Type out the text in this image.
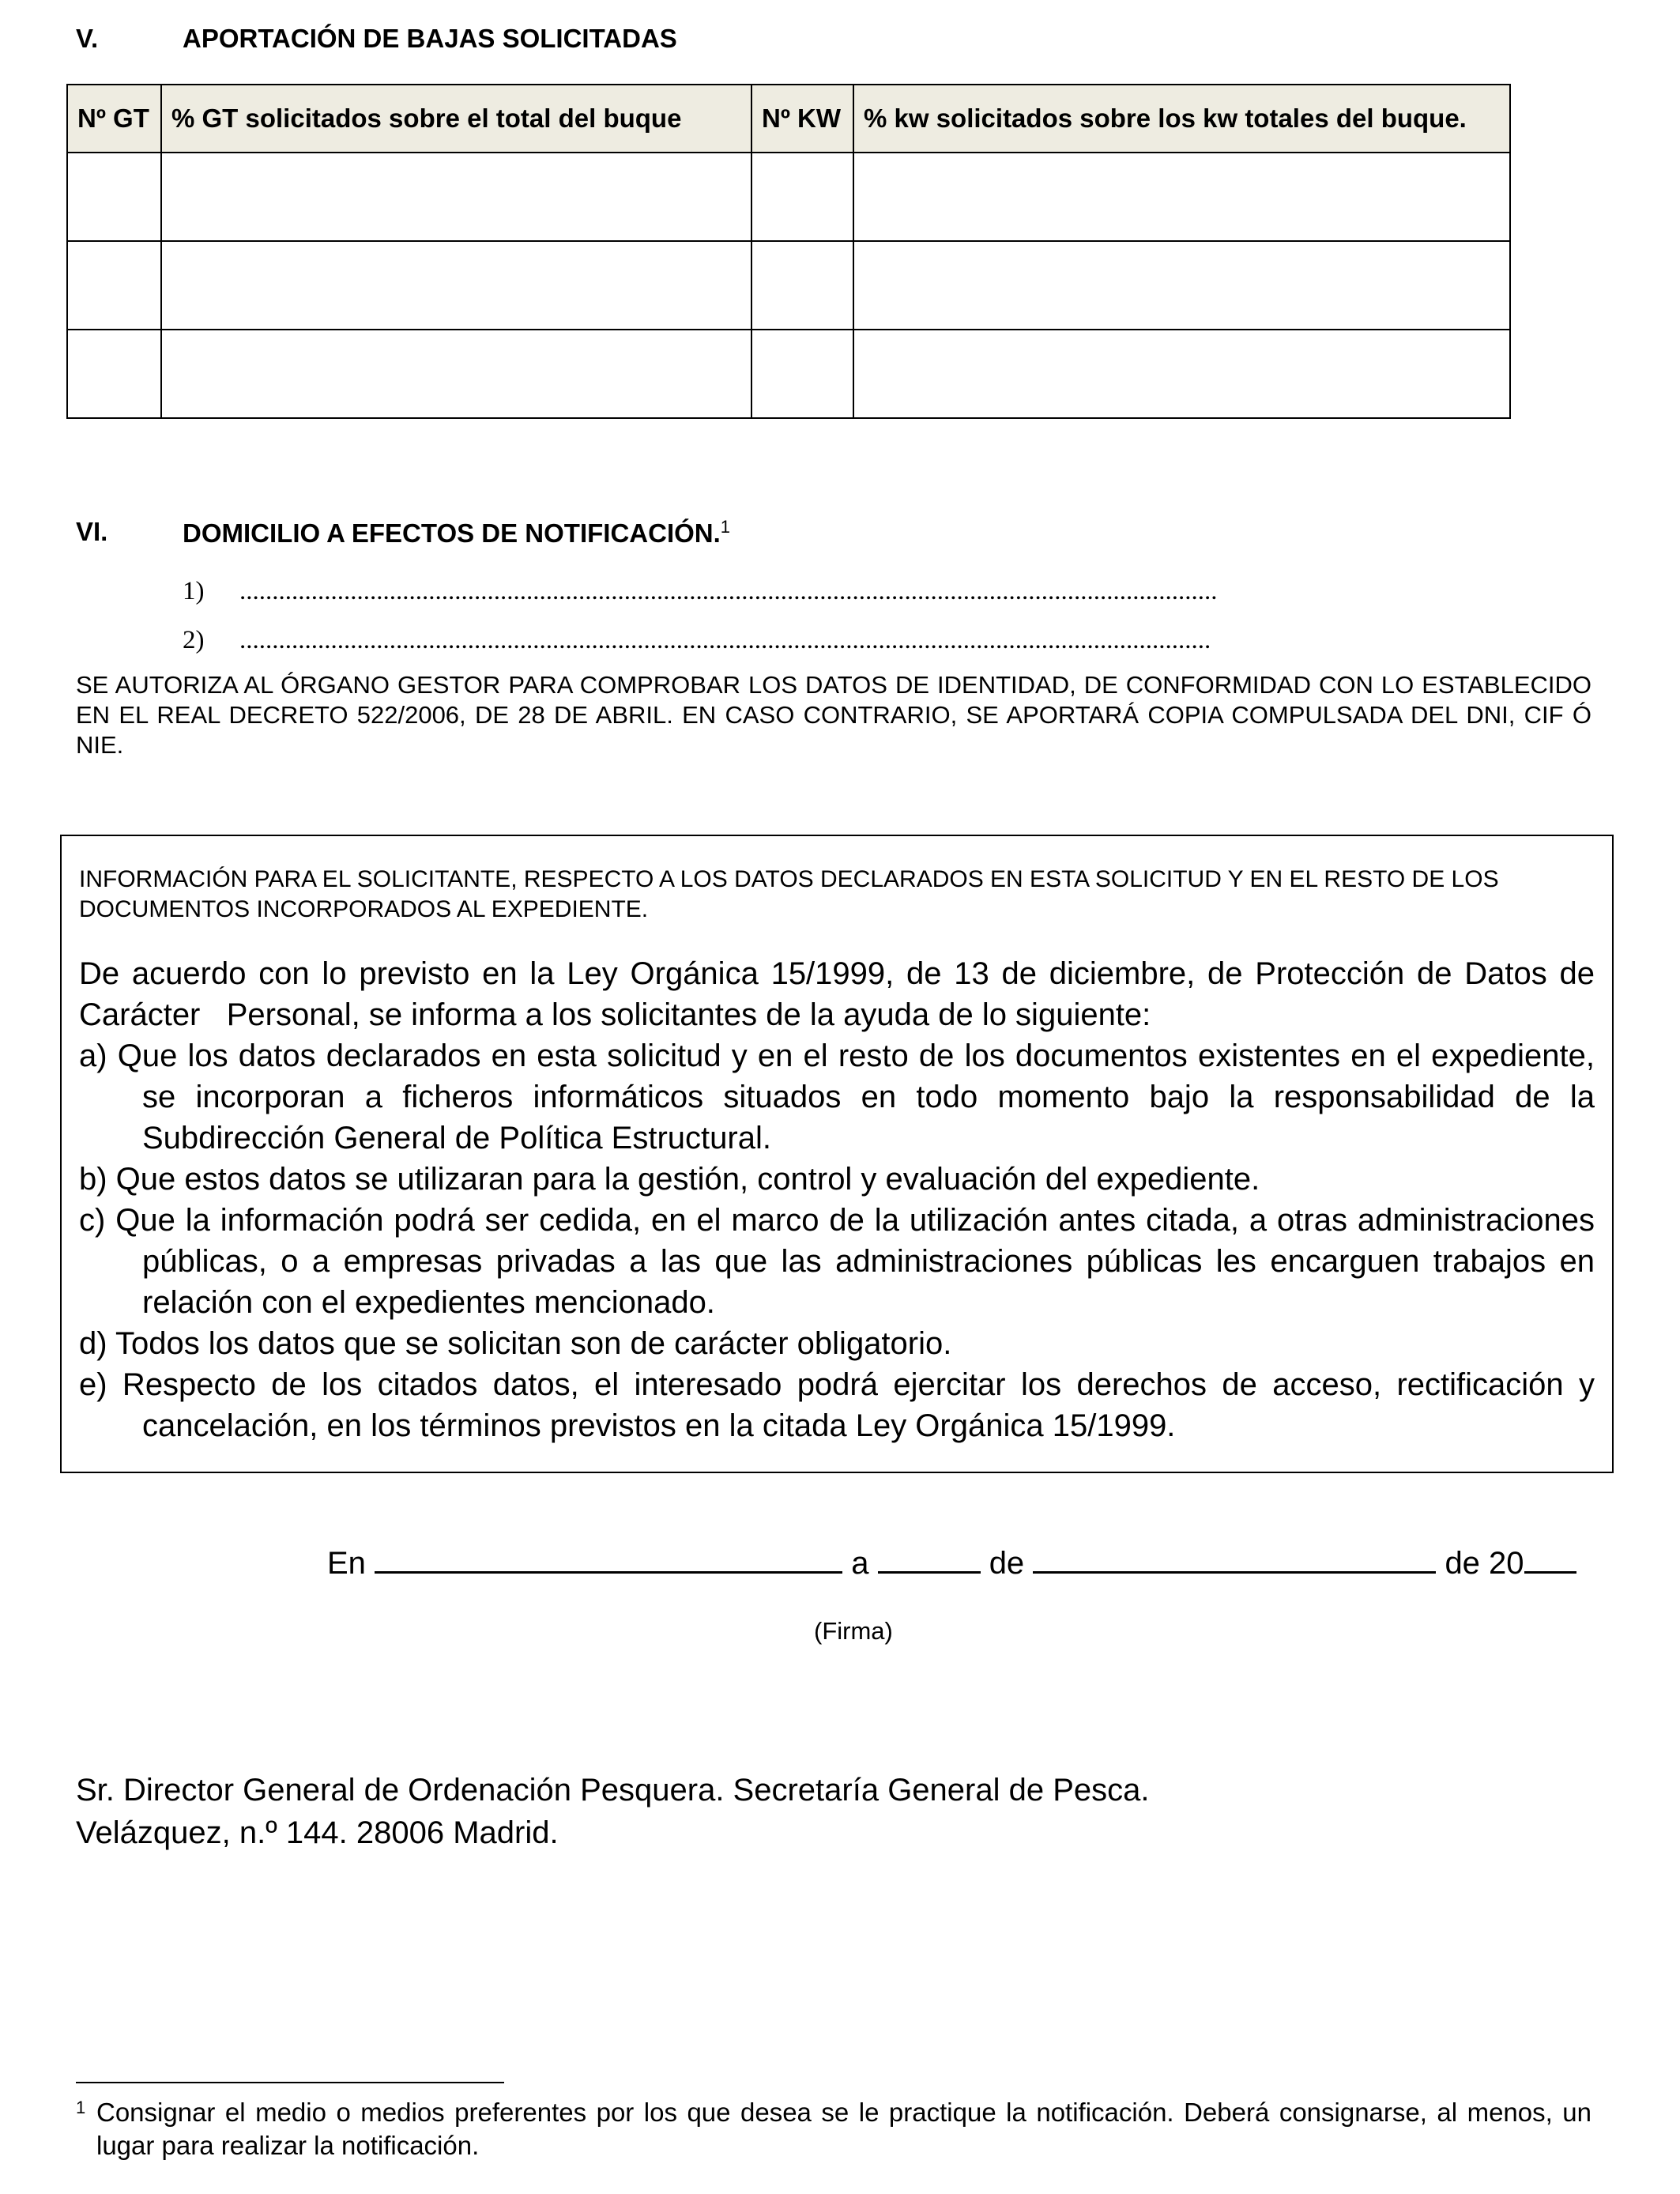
V.	APORTACIÓN DE BAJAS SOLICITADAS
Nº GT	% GT solicitados sobre el total del buque	Nº KW	% kw solicitados sobre los kw totales del buque.

VI.	DOMICILIO A EFECTOS DE NOTIFICACIÓN.$^1$
1) ......................................................................................................................................................
2) .....................................................................................................................................................
SE AUTORIZA AL ÓRGANO GESTOR PARA COMPROBAR LOS DATOS DE IDENTIDAD, DE CONFORMIDAD CON LO ESTABLECIDO EN EL REAL DECRETO 522/2006, DE 28 DE ABRIL. EN CASO CONTRARIO, SE APORTARÁ COPIA COMPULSADA DEL DNI, CIF Ó NIE.
INFORMACIÓN PARA EL SOLICITANTE, RESPECTO A LOS DATOS DECLARADOS EN ESTA SOLICITUD Y EN EL RESTO DE LOS DOCUMENTOS INCORPORADOS AL EXPEDIENTE.

De acuerdo con lo previsto en la Ley Orgánica 15/1999, de 13 de diciembre, de Protección de Datos de Carácter   Personal, se informa a los solicitantes de la ayuda de lo siguiente:

a) Que los datos declarados en esta solicitud y en el resto de los documentos existentes en el expediente, se incorporan a ficheros informáticos situados en todo momento bajo la responsabilidad de la Subdirección General de Política Estructural.

b) Que estos datos se utilizaran para la gestión, control y evaluación del expediente.

c) Que la información podrá ser cedida, en el marco de la utilización antes citada, a otras administraciones públicas, o a empresas privadas a las que las administraciones públicas les encarguen trabajos en relación con el expedientes mencionado.

d) Todos los datos que se solicitan son de carácter obligatorio.

e) Respecto de los citados datos, el interesado podrá ejercitar los derechos de acceso, rectificación y cancelación, en los términos previstos en la citada Ley Orgánica 15/1999.

En	a	de	de 20
(Firma)
Sr. Director General de Ordenación Pesquera. Secretaría General de Pesca.
Velázquez, n.º 144. 28006 Madrid.
1 Consignar el medio o medios preferentes por los que desea se le practique la notificación. Deberá consignarse, al menos, un lugar para realizar la notificación.
